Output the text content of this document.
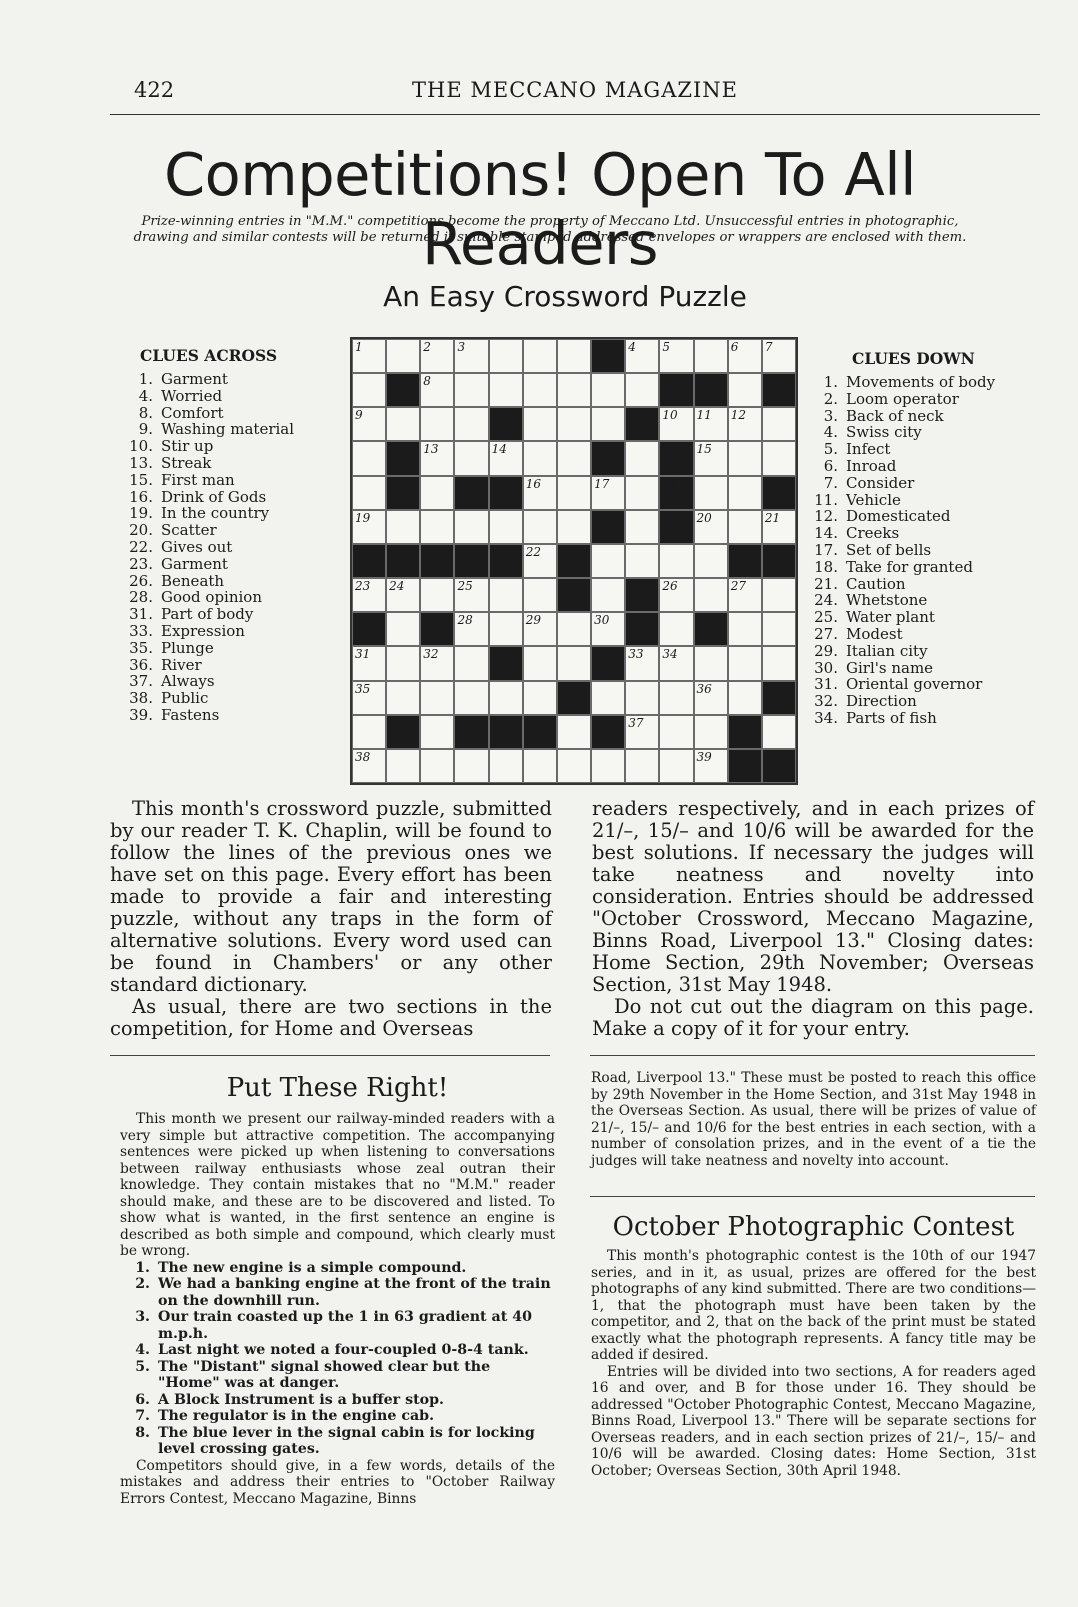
422	THE MECCANO MAGAZINE
Competitions! Open To All Readers
Prize-winning entries in "M.M." competitions become the property of Meccano Ltd. Unsuccessful entries in photographic, drawing and similar contests will be returned if suitable stamped addressed envelopes or wrappers are enclosed with them.
An Easy Crossword Puzzle
CLUES ACROSS
1. Garment
4. Worried
8. Comfort
9. Washing material
10. Stir up
13. Streak
15. First man
16. Drink of Gods
19. In the country
20. Scatter
22. Gives out
23. Garment
26. Beneath
28. Good opinion
31. Part of body
33. Expression
35. Plunge
36. River
37. Always
38. Public
39. Fastens
1	2 3	4 5	6 7
8
9	10 11 12
13	14	15
16	17	18
19	20	21
22
23 24	25	26	27
28	29	30
31	32	33 34
35	36
37
38	39
CLUES DOWN
1. Movements of body
2. Loom operator
3. Back of neck
4. Swiss city
5. Infect
6. Inroad
7. Consider
11. Vehicle
12. Domesticated
14. Creeks
17. Set of bells
18. Take for granted
21. Caution
24. Whetstone
25. Water plant
27. Modest
29. Italian city
30. Girl's name
31. Oriental governor
32. Direction
34. Parts of fish

This month's crossword puzzle, submitted by our reader T. K. Chaplin, will be found to follow the lines of the previous ones we have set on this page. Every effort has been made to provide a fair and interesting puzzle, without any traps in the form of alternative solutions. Every word used can be found in Chambers' or any other standard dictionary.

As usual, there are two sections in the competition, for Home and Overseas

readers respectively, and in each prizes of 21/–, 15/– and 10/6 will be awarded for the best solutions. If necessary the judges will take neatness and novelty into consideration. Entries should be addressed "October Crossword, Meccano Magazine, Binns Road, Liverpool 13." Closing dates: Home Section, 29th November; Overseas Section, 31st May 1948.

Do not cut out the diagram on this page. Make a copy of it for your entry.

Put These Right!

This month we present our railway-minded readers with a very simple but attractive competition. The accompanying sentences were picked up when listening to conversations between railway enthusiasts whose zeal outran their knowledge. They contain mistakes that no "M.M." reader should make, and these are to be discovered and listed. To show what is wanted, in the first sentence an engine is described as both simple and compound, which clearly must be wrong.

1. The new engine is a simple compound.
2. We had a banking engine at the front of the train on the downhill run.
3. Our train coasted up the 1 in 63 gradient at 40 m.p.h.
4. Last night we noted a four-coupled 0-8-4 tank.
5. The "Distant" signal showed clear but the "Home" was at danger.
6. A Block Instrument is a buffer stop.
7. The regulator is in the engine cab.
8. The blue lever in the signal cabin is for locking level crossing gates.

Competitors should give, in a few words, details of the mistakes and address their entries to "October Railway Errors Contest, Meccano Magazine, Binns

Road, Liverpool 13." These must be posted to reach this office by 29th November in the Home Section, and 31st May 1948 in the Overseas Section. As usual, there will be prizes of value of 21/–, 15/– and 10/6 for the best entries in each section, with a number of consolation prizes, and in the event of a tie the judges will take neatness and novelty into account.

October Photographic Contest

This month's photographic contest is the 10th of our 1947 series, and in it, as usual, prizes are offered for the best photographs of any kind submitted. There are two conditions—1, that the photograph must have been taken by the competitor, and 2, that on the back of the print must be stated exactly what the photograph represents. A fancy title may be added if desired.

Entries will be divided into two sections, A for readers aged 16 and over, and B for those under 16. They should be addressed "October Photographic Contest, Meccano Magazine, Binns Road, Liverpool 13." There will be separate sections for Overseas readers, and in each section prizes of 21/–, 15/– and 10/6 will be awarded. Closing dates: Home Section, 31st October; Overseas Section, 30th April 1948.
